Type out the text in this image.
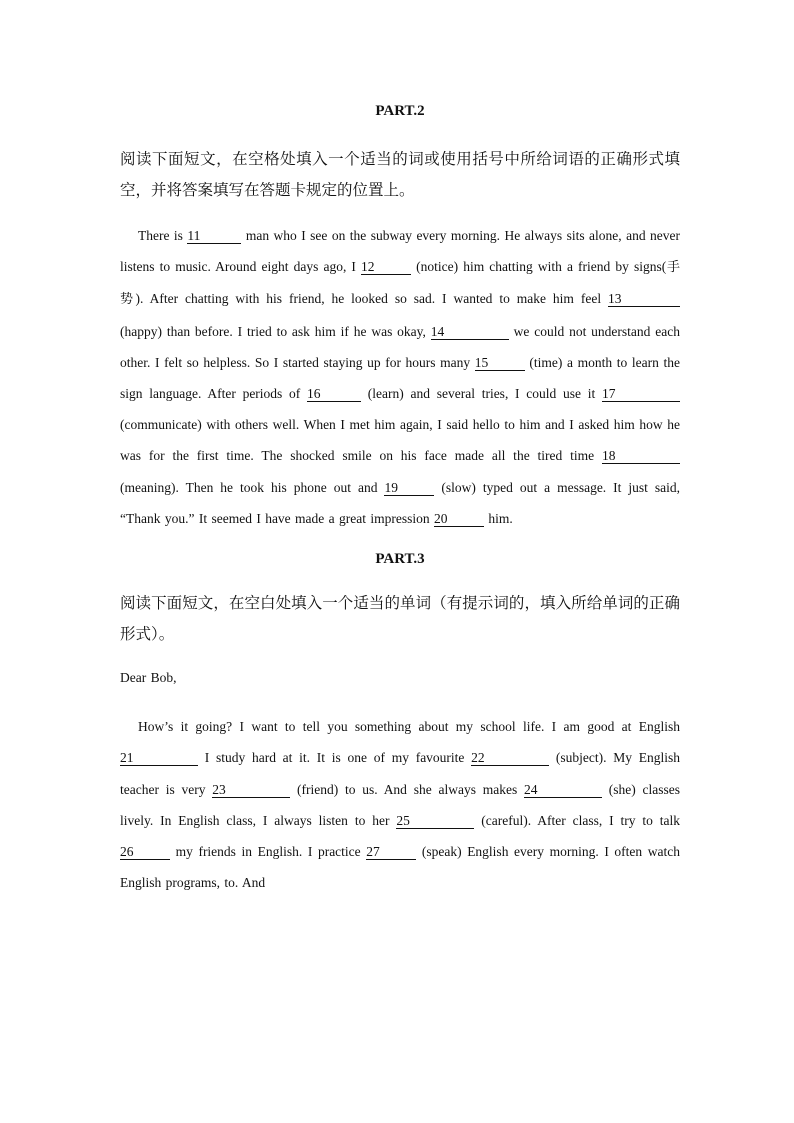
PART.2

阅读下面短文，在空格处填入一个适当的词或使用括号中所给词语的正确形式填空，并将答案填写在答题卡规定的位置上。

There is 11	man who I see on the subway every morning. He always sits alone, and never listens to music. Around eight days ago, I 12	(notice) him chatting with a friend by signs(手势). After chatting with his friend, he looked so sad. I wanted to make him feel 13 (happy) than before. I tried to ask him if he was okay, 14	we could not understand each other. I felt so helpless. So I started staying up for hours many 15	(time) a month to learn the sign language. After periods of 16	(learn) and several tries, I could use it 17 (communicate) with others well. When I met him again, I said hello to him and I asked him how he was for the first time. The shocked smile on his face made all the tired time 18 (meaning). Then he took his phone out and 19	(slow) typed out a message. It just said, “Thank you.” It seemed I have made a great impression 20	him.

PART.3

阅读下面短文，在空白处填入一个适当的单词（有提示词的，填入所给单词的正确形式）。

Dear Bob,

How’s it going? I want to tell you something about my school life. I am good at English 21	I study hard at it. It is one of my favourite 22	(subject). My English teacher is very 23	(friend) to us. And she always makes 24	(she) classes lively. In English class, I always listen to her 25	(careful). After class, I try to talk 26	my friends in English. I practice 27	(speak) English every morning. I often watch English programs, to. And
